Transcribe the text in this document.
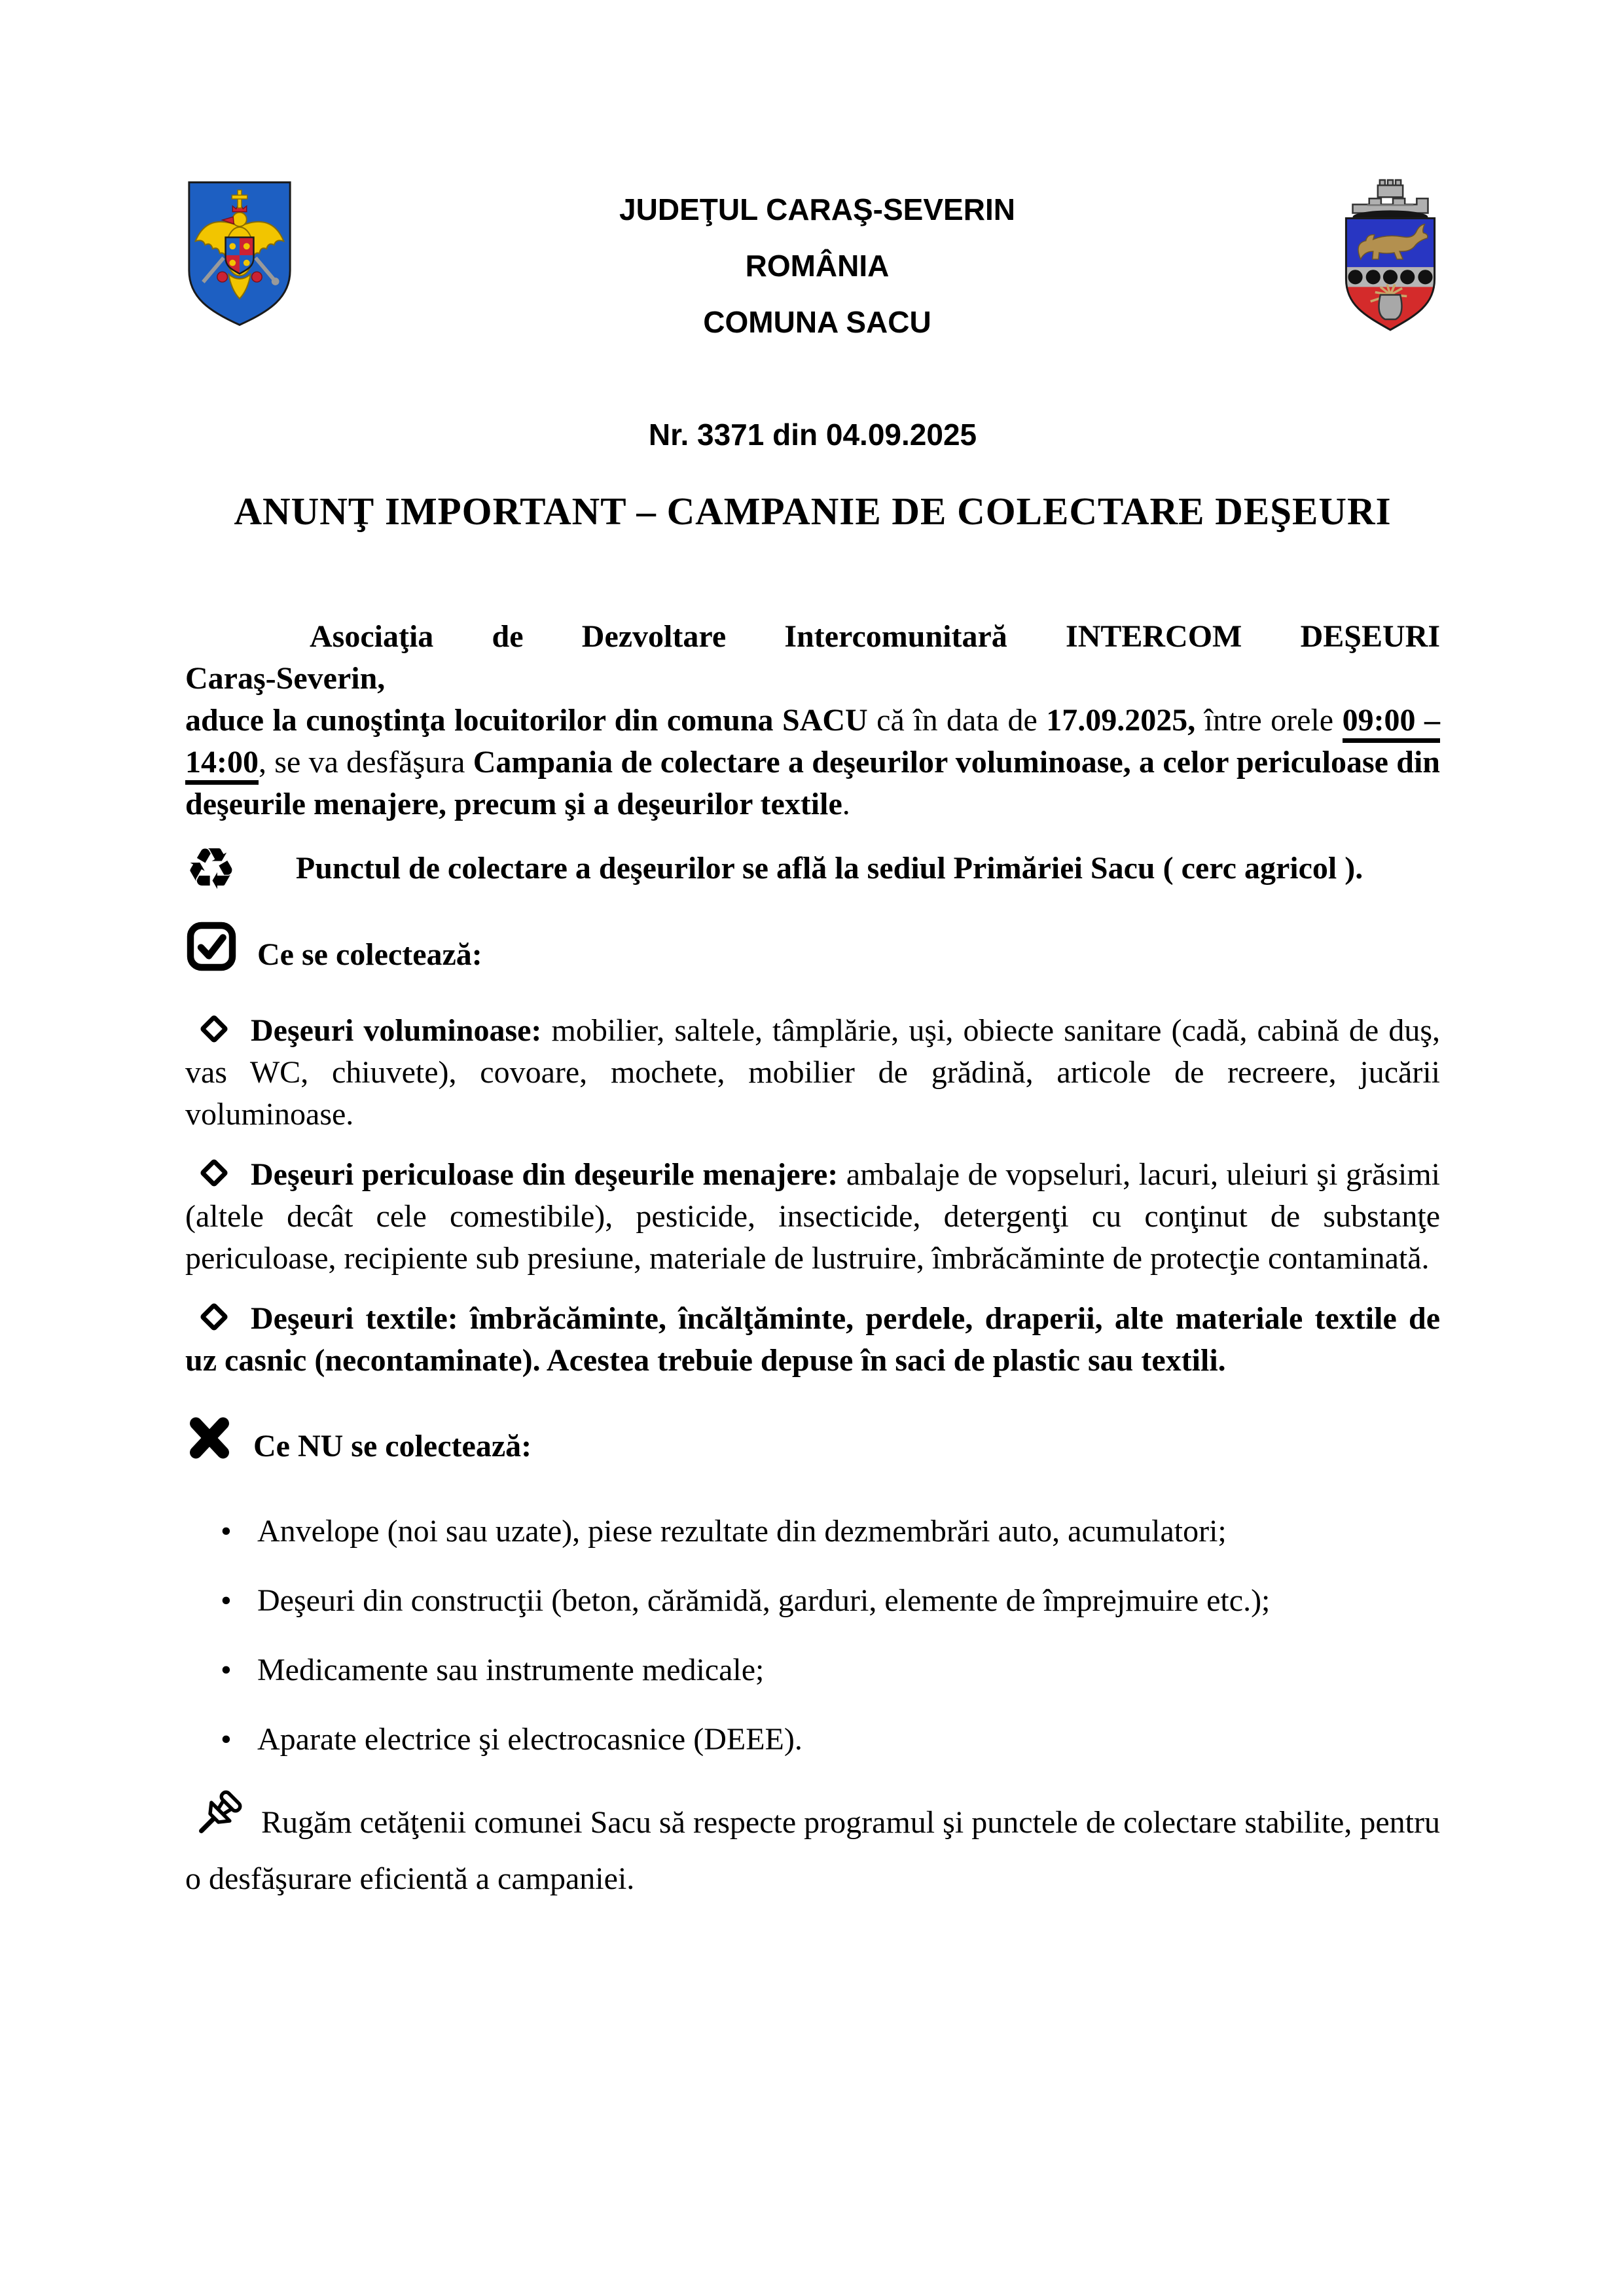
JUDEŢUL CARAŞ-SEVERIN
ROMÂNIA
COMUNA SACU
Nr. 3371 din 04.09.2025
ANUNŢ IMPORTANT – CAMPANIE DE COLECTARE DEŞEURI
Asociaţia de Dezvoltare Intercomunitară INTERCOM DEŞEURI
Caraş-Severin,

aduce la cunoştinţa locuitorilor din comuna SACU că în data de 17.09.2025, între orele 09:00 – 14:00, se va desfăşura Campania de colectare a deşeurilor voluminoase, a celor periculoase din deşeurile menajere, precum şi a deşeurilor textile.

♻ Punctul de colectare a deşeurilor se află la sediul Primăriei Sacu ( cerc agricol ).

Ce se colectează:

Deşeuri voluminoase: mobilier, saltele, tâmplărie, uşi, obiecte sanitare (cadă, cabină de duş, vas WC, chiuvete), covoare, mochete, mobilier de grădină, articole de recreere, jucării voluminoase.

Deşeuri periculoase din deşeurile menajere: ambalaje de vopseluri, lacuri, uleiuri şi grăsimi (altele decât cele comestibile), pesticide, insecticide, detergenţi cu conţinut de substanţe periculoase, recipiente sub presiune, materiale de lustruire, îmbrăcăminte de protecţie contaminată.

Deşeuri textile: îmbrăcăminte, încălţăminte, perdele, draperii, alte materiale textile de uz casnic (necontaminate). Acestea trebuie depuse în saci de plastic sau textili.

Ce NU se colectează:
• Anvelope (noi sau uzate), piese rezultate din dezmembrări auto, acumulatori;
• Deşeuri din construcţii (beton, cărămidă, garduri, elemente de împrejmuire etc.);
• Medicamente sau instrumente medicale;
• Aparate electrice şi electrocasnice (DEEE).

Rugăm cetăţenii comunei Sacu să respecte programul şi punctele de colectare stabilite, pentru o desfăşurare eficientă a campaniei.
